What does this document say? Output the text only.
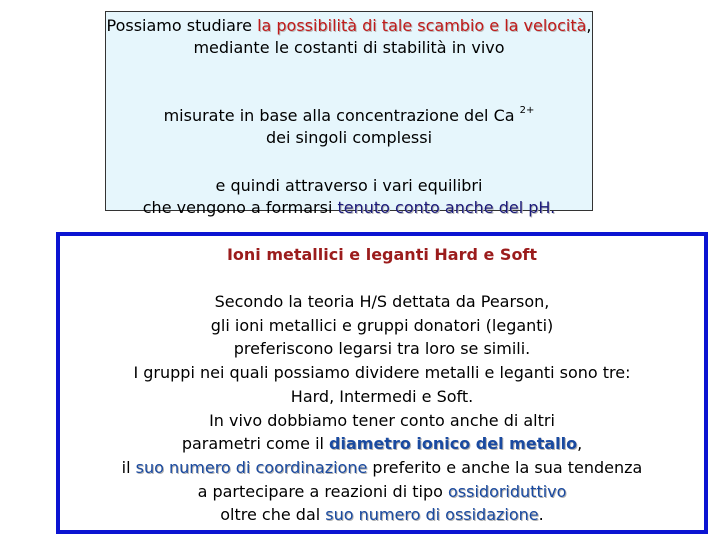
Possiamo studiare la possibilità di tale scambio e la velocità, mediante le costanti di stabilità in vivo
misurate in base alla concentrazione del Ca $^{2+}$
dei singoli complessi
e quindi attraverso i vari equilibri
che vengono a formarsi tenuto conto anche del pH.
Ioni metallici e leganti Hard e Soft
Secondo la teoria H/S dettata da Pearson,
gli ioni metallici e gruppi donatori (leganti)
preferiscono legarsi tra loro se simili.
I gruppi nei quali possiamo dividere metalli e leganti sono tre:
Hard, Intermedi e Soft.
In vivo dobbiamo tener conto anche di altri
parametri come il diametro ionico del metallo,
il suo numero di coordinazione preferito e anche la sua tendenza
a partecipare a reazioni di tipo ossidoriduttivo
oltre che dal suo numero di ossidazione.
